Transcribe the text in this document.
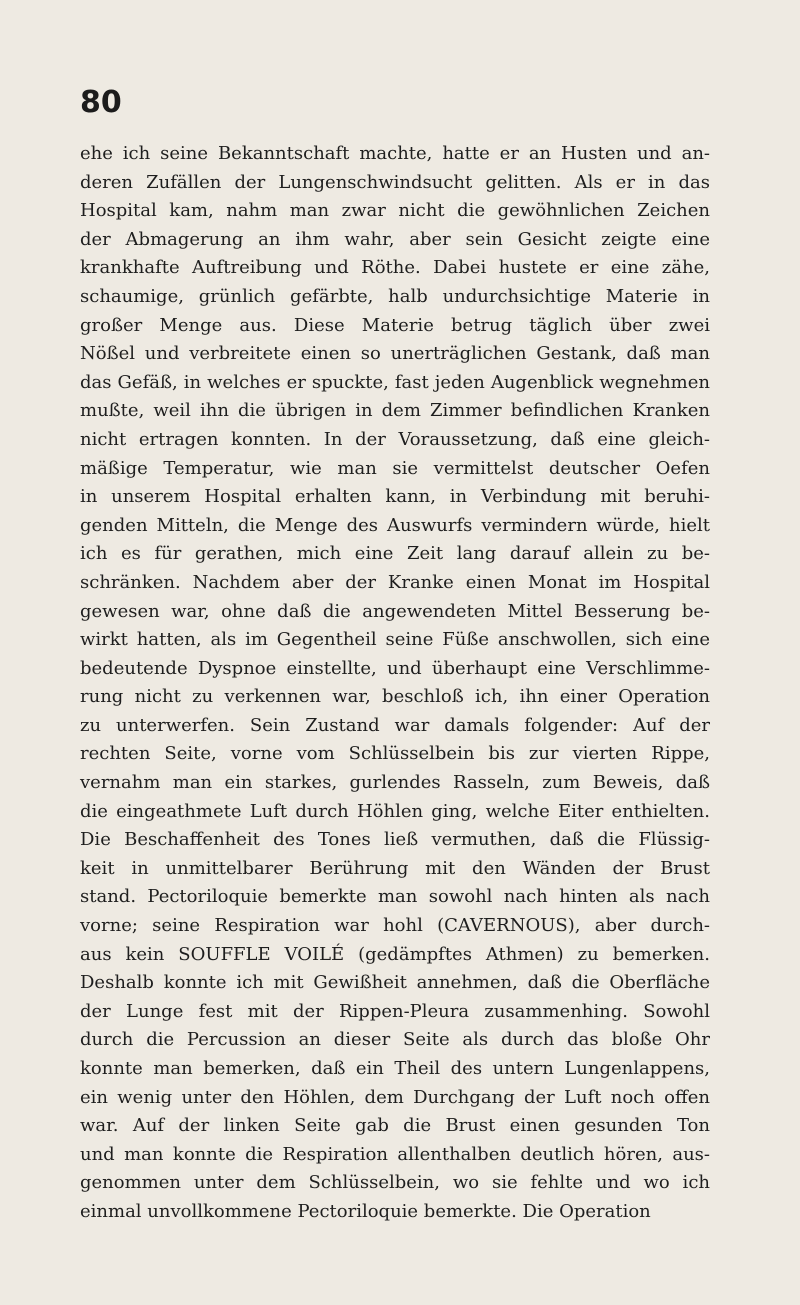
80
ehe ich seine Bekanntschaft machte, hatte er an Husten und an-
deren Zufällen der Lungenschwindsucht gelitten. Als er in das
Hospital kam, nahm man zwar nicht die gewöhnlichen Zeichen
der Abmagerung an ihm wahr, aber sein Gesicht zeigte eine
krankhafte Auftreibung und Röthe. Dabei hustete er eine zähe,
schaumige, grünlich gefärbte, halb undurchsichtige Materie in
großer Menge aus. Diese Materie betrug täglich über zwei
Nößel und verbreitete einen so unerträglichen Gestank, daß man
das Gefäß, in welches er spuckte, fast jeden Augenblick wegnehmen
mußte, weil ihn die übrigen in dem Zimmer befindlichen Kranken
nicht ertragen konnten. In der Voraussetzung, daß eine gleich-
mäßige Temperatur, wie man sie vermittelst deutscher Oefen
in unserem Hospital erhalten kann, in Verbindung mit beruhi-
genden Mitteln, die Menge des Auswurfs vermindern würde, hielt
ich es für gerathen, mich eine Zeit lang darauf allein zu be-
schränken. Nachdem aber der Kranke einen Monat im Hospital
gewesen war, ohne daß die angewendeten Mittel Besserung be-
wirkt hatten, als im Gegentheil seine Füße anschwollen, sich eine
bedeutende Dyspnoe einstellte, und überhaupt eine Verschlimme-
rung nicht zu verkennen war, beschloß ich, ihn einer Operation
zu unterwerfen. Sein Zustand war damals folgender: Auf der
rechten Seite, vorne vom Schlüsselbein bis zur vierten Rippe,
vernahm man ein starkes, gurlendes Rasseln, zum Beweis, daß
die eingeathmete Luft durch Höhlen ging, welche Eiter enthielten.
Die Beschaffenheit des Tones ließ vermuthen, daß die Flüssig-
keit in unmittelbarer Berührung mit den Wänden der Brust
stand. Pectoriloquie bemerkte man sowohl nach hinten als nach
vorne; seine Respiration war hohl (CAVERNOUS), aber durch-
aus kein SOUFFLE VOILÉ (gedämpftes Athmen) zu bemerken.
Deshalb konnte ich mit Gewißheit annehmen, daß die Oberfläche
der Lunge fest mit der Rippen-Pleura zusammenhing. Sowohl
durch die Percussion an dieser Seite als durch das bloße Ohr
konnte man bemerken, daß ein Theil des untern Lungenlappens,
ein wenig unter den Höhlen, dem Durchgang der Luft noch offen
war. Auf der linken Seite gab die Brust einen gesunden Ton
und man konnte die Respiration allenthalben deutlich hören, aus-
genommen unter dem Schlüsselbein, wo sie fehlte und wo ich
einmal unvollkommene Pectoriloquie bemerkte. Die Operation
